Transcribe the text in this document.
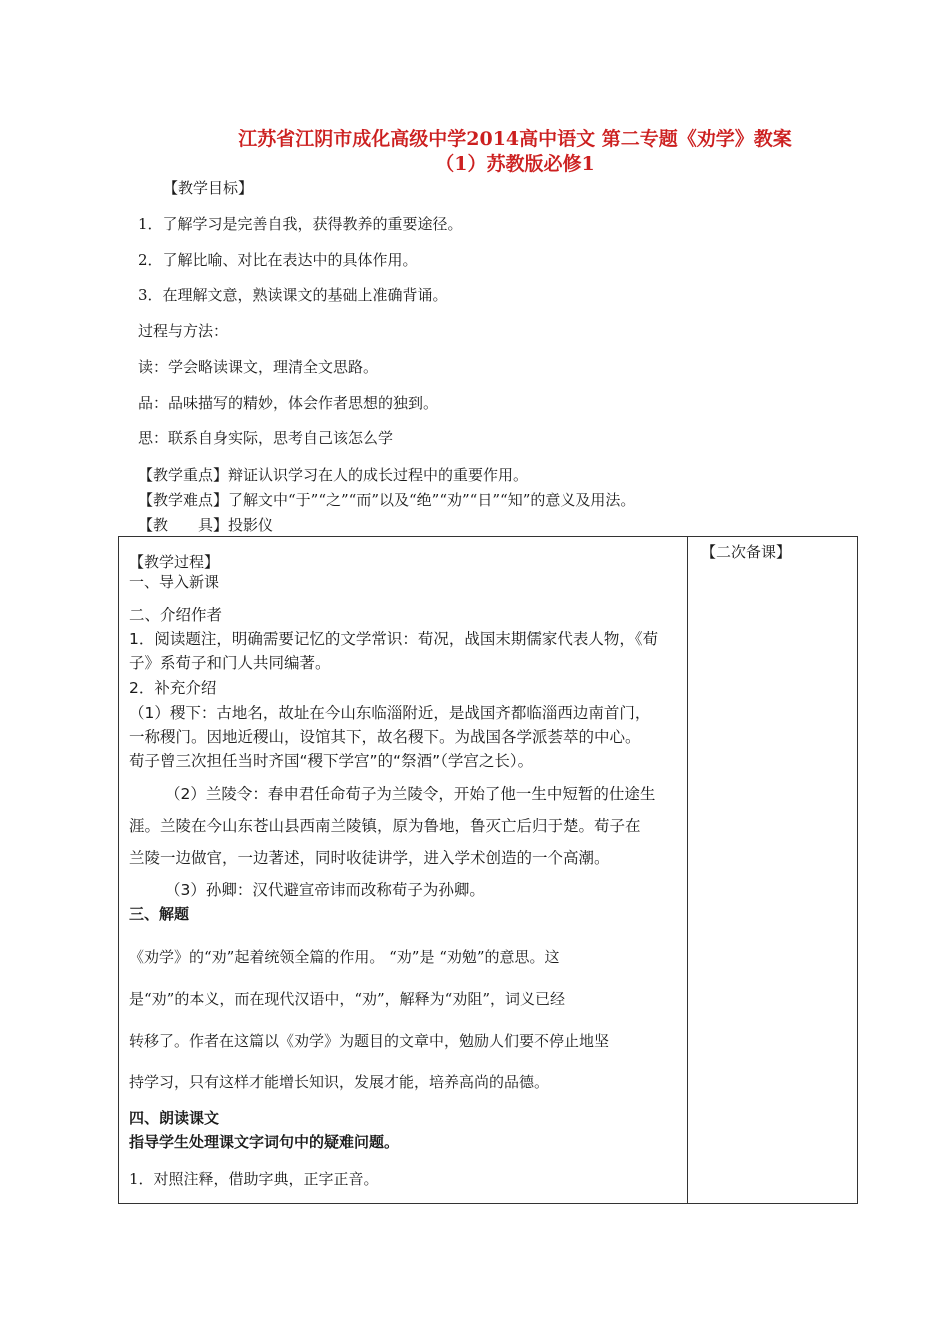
江苏省江阴市成化高级中学2014高中语文 第二专题《劝学》教案
（1）苏教版必修1
【教学目标】
1．了解学习是完善自我，获得教养的重要途径。
2．了解比喻、对比在表达中的具体作用。
3．在理解文意，熟读课文的基础上准确背诵。
过程与方法：
读：学会略读课文，理清全文思路。
品：品味描写的精妙，体会作者思想的独到。
思：联系自身实际，思考自己该怎么学
【教学重点】辩证认识学习在人的成长过程中的重要作用。
【教学难点】了解文中“于”“之”“而”以及“绝”“劝”“日”“知”的意义及用法。
【教　　具】投影仪
【二次备课】
【教学过程】
一、导入新课
二、介绍作者
1．阅读题注，明确需要记忆的文学常识：荀况，战国末期儒家代表人物，《荀
子》系荀子和门人共同编著。
2．补充介绍
（1）稷下：古地名，故址在今山东临淄附近，是战国齐都临淄西边南首门，
一称稷门。因地近稷山，设馆其下，故名稷下。为战国各学派荟萃的中心。
荀子曾三次担任当时齐国“稷下学宫”的“祭酒”（学宫之长）。
（2）兰陵令：春申君任命荀子为兰陵令，开始了他一生中短暂的仕途生
涯。兰陵在今山东苍山县西南兰陵镇，原为鲁地，鲁灭亡后归于楚。荀子在
兰陵一边做官，一边著述，同时收徒讲学，进入学术创造的一个高潮。
（3）孙卿：汉代避宣帝讳而改称荀子为孙卿。
三、解题
《劝学》的“劝”起着统领全篇的作用。 “劝”是 “劝勉”的意思。这
是“劝”的本义，而在现代汉语中，“劝”，解释为“劝阻”，词义已经
转移了。作者在这篇以《劝学》为题目的文章中，勉励人们要不停止地坚
持学习，只有这样才能增长知识，发展才能，培养高尚的品德。
四、朗读课文
指导学生处理课文字词句中的疑难问题。
1．对照注释，借助字典，正字正音。
